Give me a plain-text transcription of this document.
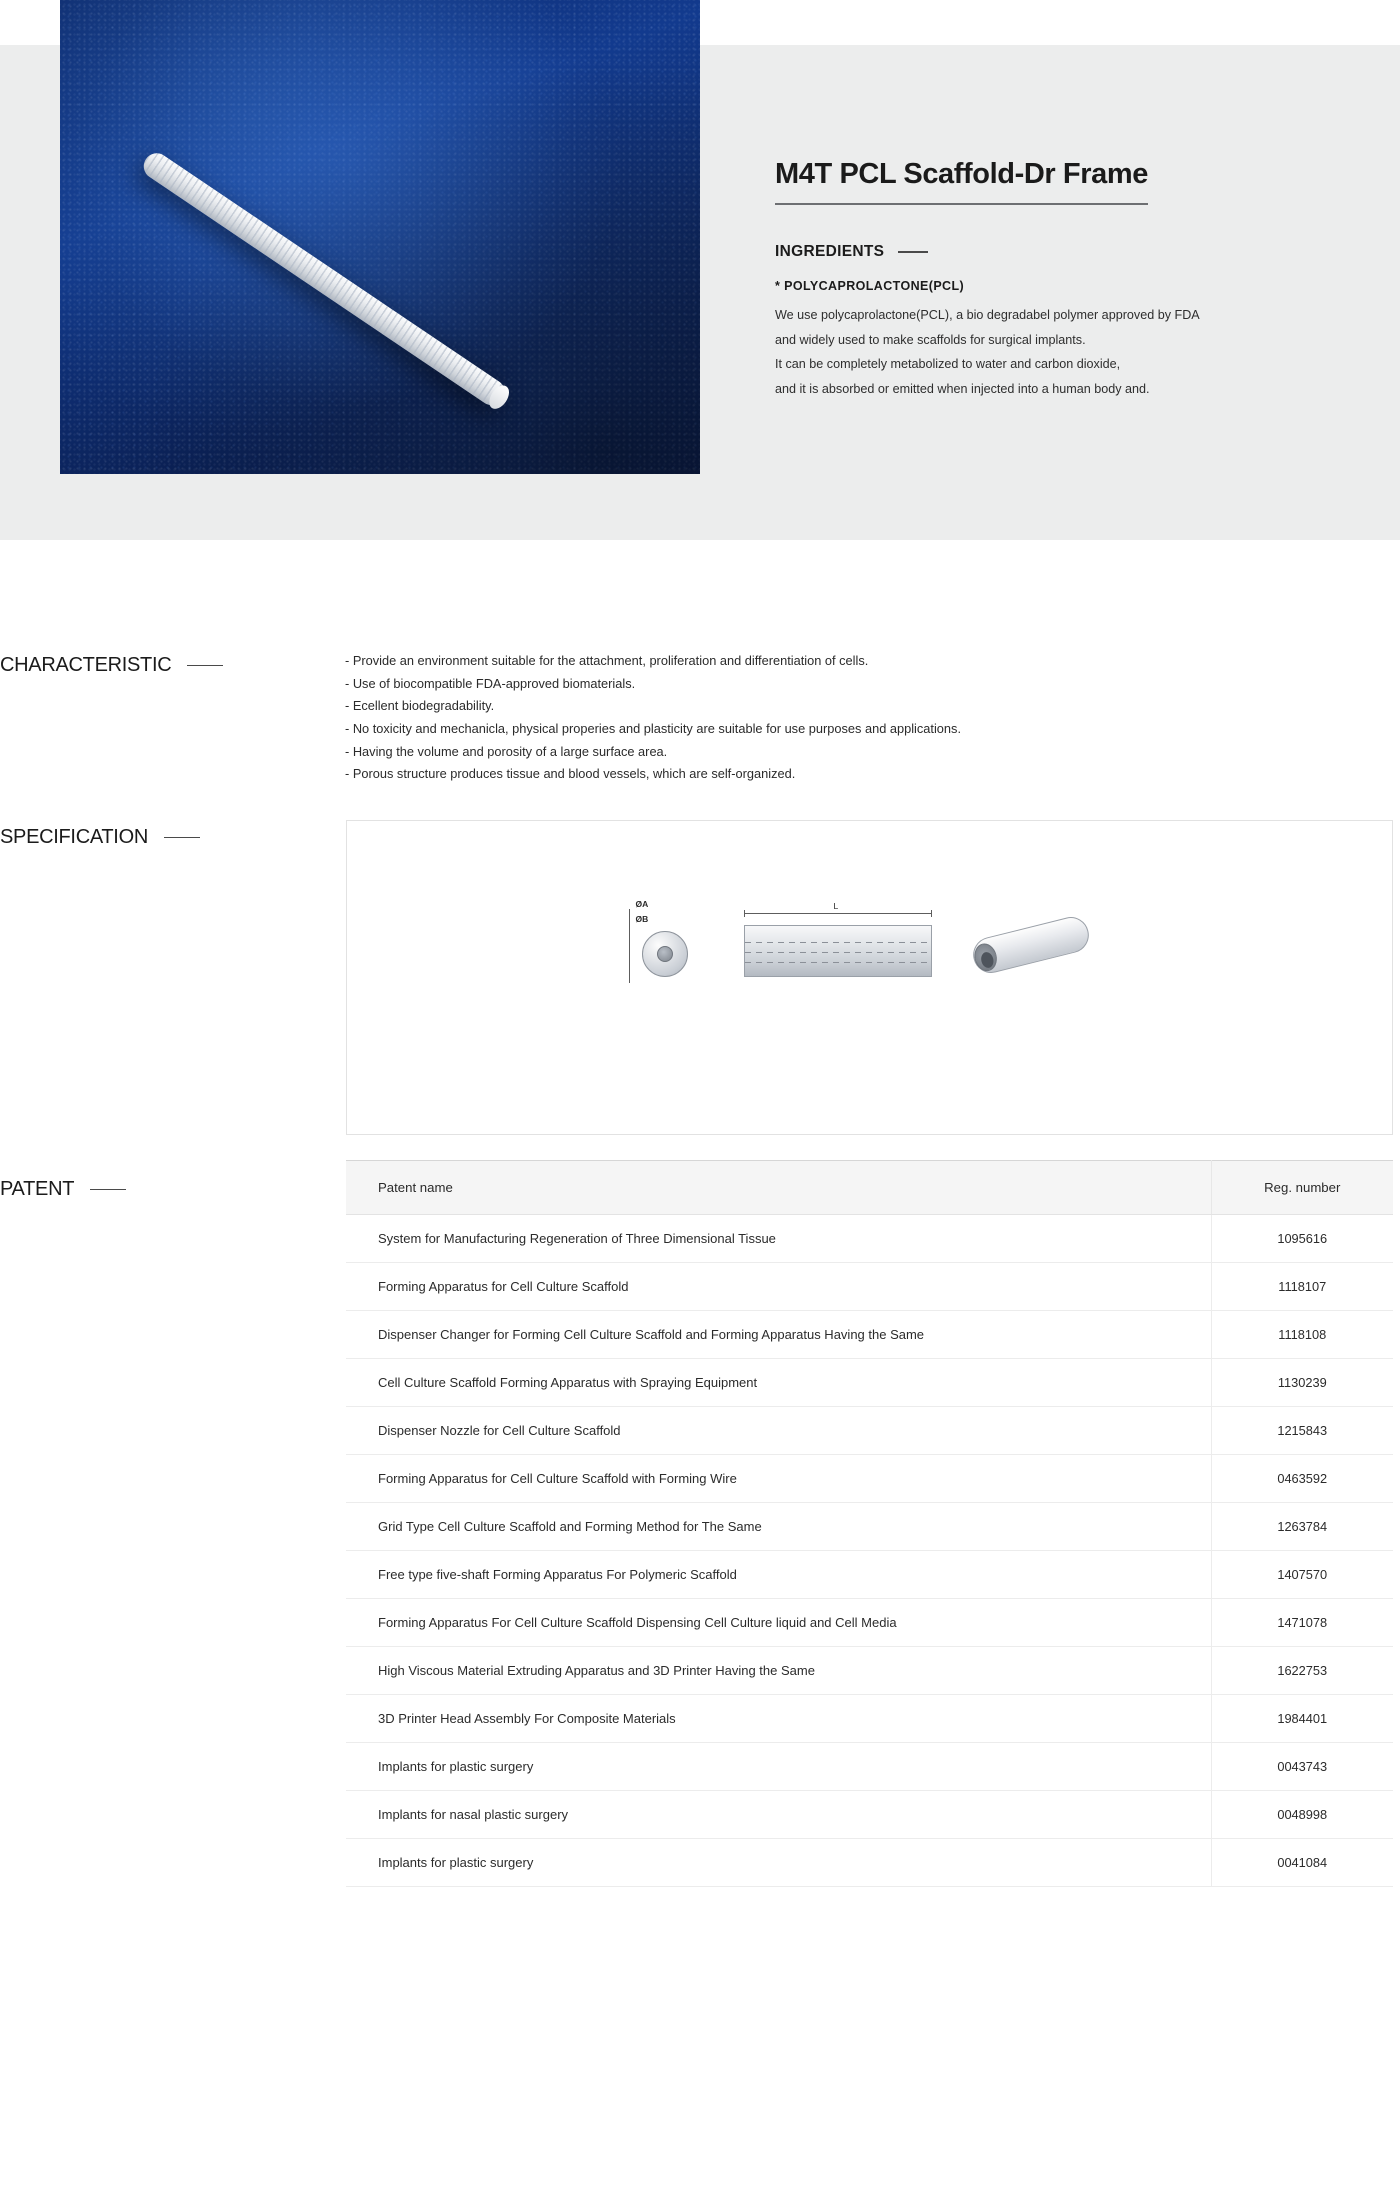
M4T PCL Scaffold-Dr Frame
INGREDIENTS
* POLYCAPROLACTONE(PCL)
We use polycaprolactone(PCL), a bio degradabel polymer approved by FDA
and widely used to make scaffolds for surgical implants.
It can be completely metabolized to water and carbon dioxide,
and it is absorbed or emitted when injected into a human body and.
CHARACTERISTIC	- Provide an environment suitable for the attachment, proliferation and differentiation of cells.
- Use of biocompatible FDA-approved biomaterials.
- Ecellent biodegradability.
- No toxicity and mechanicla, physical properies and plasticity are suitable for use purposes and applications.
- Having the volume and porosity of a large surface area.
- Porous structure produces tissue and blood vessels, which are self-organized.
SPECIFICATION
ØA
ØB
L
PATENT	Patent name	Reg. number
System for Manufacturing Regeneration of Three Dimensional Tissue	1095616
Forming Apparatus for Cell Culture Scaffold	1118107
Dispenser Changer for Forming Cell Culture Scaffold and Forming Apparatus Having the Same	1118108
Cell Culture Scaffold Forming Apparatus with Spraying Equipment	1130239
Dispenser Nozzle for Cell Culture Scaffold	1215843
Forming Apparatus for Cell Culture Scaffold with Forming Wire	0463592
Grid Type Cell Culture Scaffold and Forming Method for The Same	1263784
Free type five-shaft Forming Apparatus For Polymeric Scaffold	1407570
Forming Apparatus For Cell Culture Scaffold Dispensing Cell Culture liquid and Cell Media	1471078
High Viscous Material Extruding Apparatus and 3D Printer Having the Same	1622753
3D Printer Head Assembly For Composite Materials	1984401
Implants for plastic surgery	0043743
Implants for nasal plastic surgery	0048998
Implants for plastic surgery	0041084
